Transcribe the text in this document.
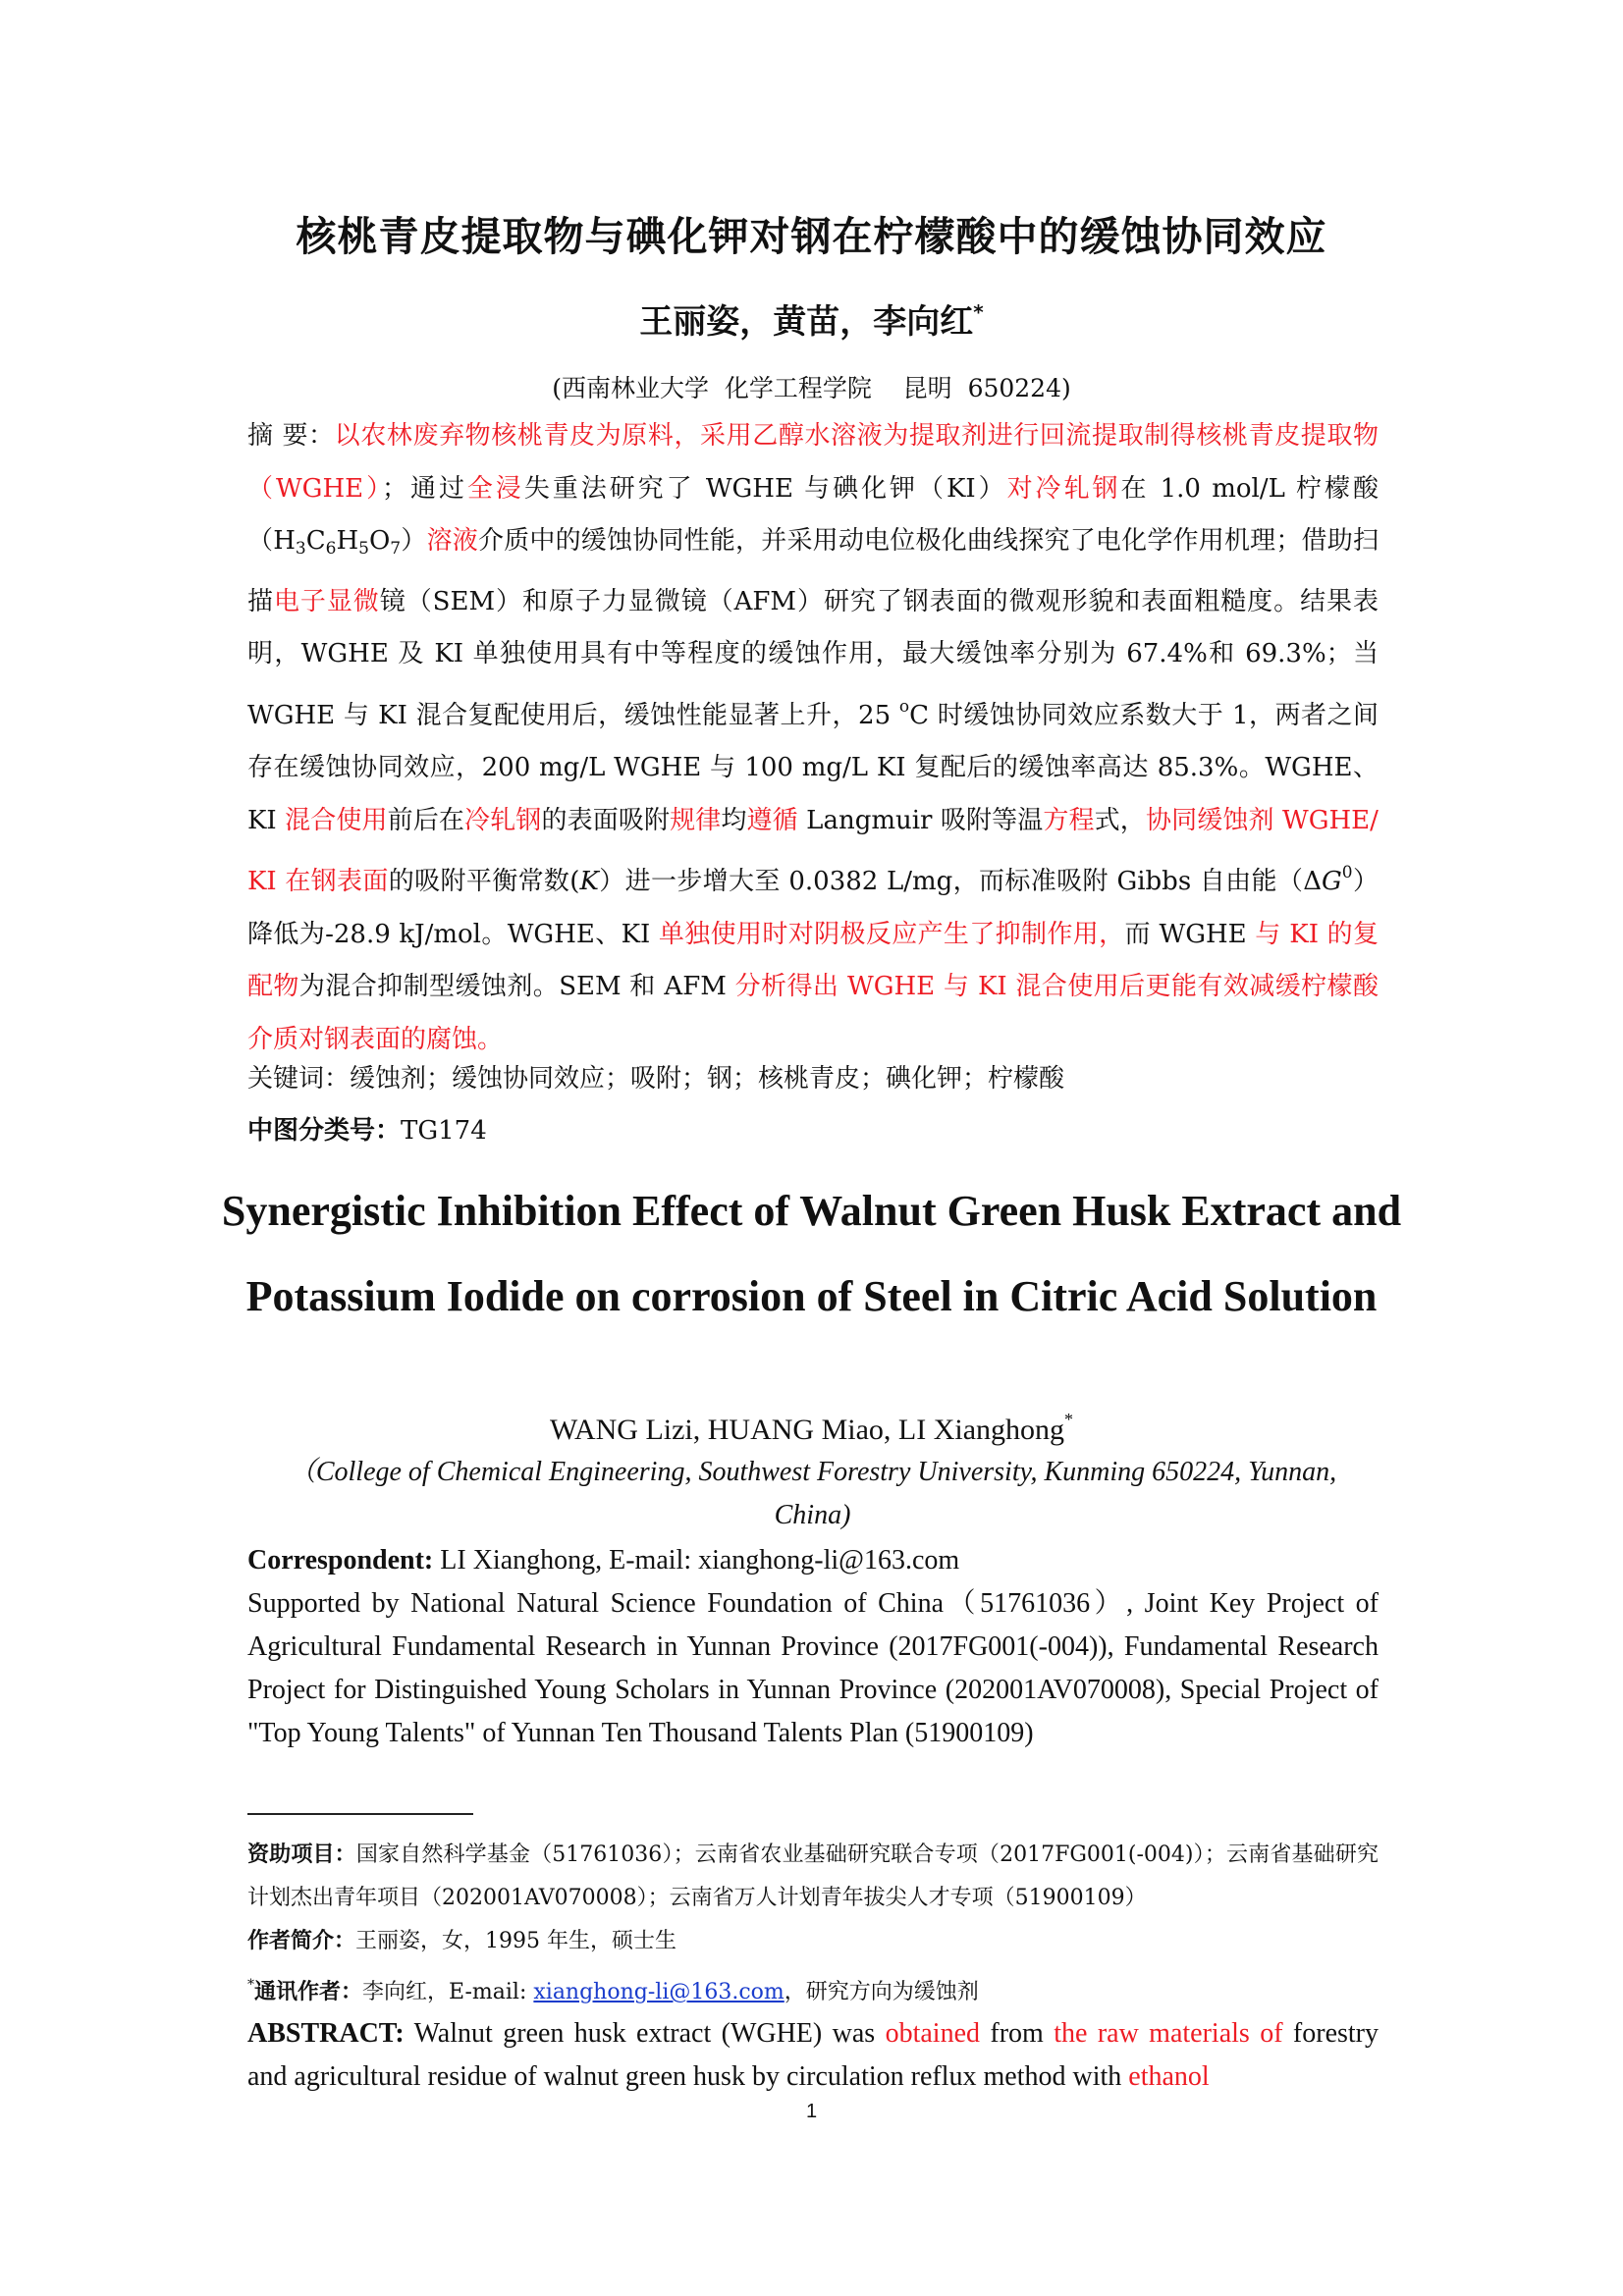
核桃青皮提取物与碘化钾对钢在柠檬酸中的缓蚀协同效应
王丽姿，黄苗，李向红*
(西南林业大学  化学工程学院    昆明  650224)
摘 要：以农林废弃物核桃青皮为原料，采用乙醇水溶液为提取剂进行回流提取制得核桃青皮提取物（WGHE）；通过全浸失重法研究了 WGHE 与碘化钾（KI）对冷轧钢在 1.0 mol/L 柠檬酸$(H_3C_6H_5O_7)$溶液介质中的缓蚀协同性能，并采用动电位极化曲线探究了电化学作用机理；借助扫描电子显微镜（SEM）和原子力显微镜（AFM）研究了钢表面的微观形貌和表面粗糙度。结果表明，WGHE 及 KI 单独使用具有中等程度的缓蚀作用，最大缓蚀率分别为 67.4%和 69.3%；当 WGHE 与 KI 混合复配使用后，缓蚀性能显著上升，25 $^o$C 时缓蚀协同效应系数大于 1，两者之间存在缓蚀协同效应，200 mg/L WGHE 与 100 mg/L KI 复配后的缓蚀率高达 85.3%。WGHE、KI 混合使用前后在冷轧钢的表面吸附规律均遵循 Langmuir 吸附等温方程式，协同缓蚀剂 WGHE/ KI 在钢表面的吸附平衡常数(K）进一步增大至 0.0382 L/mg，而标准吸附 Gibbs 自由能$(\Delta G^0)$降低为-28.9 kJ/mol。WGHE、KI 单独使用时对阴极反应产生了抑制作用，而 WGHE 与 KI 的复配物为混合抑制型缓蚀剂。SEM 和 AFM 分析得出 WGHE 与 KI 混合使用后更能有效减缓柠檬酸介质对钢表面的腐蚀。
关键词：缓蚀剂；缓蚀协同效应；吸附；钢；核桃青皮；碘化钾；柠檬酸
中图分类号：TG174
Synergistic Inhibition Effect of Walnut Green Husk Extract and Potassium Iodide on corrosion of Steel in Citric Acid Solution
WANG Lizi, HUANG Miao, LI Xianghong*
（College of Chemical Engineering, Southwest Forestry University, Kunming 650224, Yunnan, China)
Correspondent: LI Xianghong, E-mail: xianghong-li@163.com
Supported by National Natural Science Foundation of China（51761036）, Joint Key Project of Agricultural Fundamental Research in Yunnan Province (2017FG001(-004)), Fundamental Research Project for Distinguished Young Scholars in Yunnan Province (202001AV070008), Special Project of "Top Young Talents" of Yunnan Ten Thousand Talents Plan (51900109)
资助项目：国家自然科学基金（51761036）；云南省农业基础研究联合专项（2017FG001(-004)）；云南省基础研究计划杰出青年项目（202001AV070008）；云南省万人计划青年拔尖人才专项（51900109）
作者简介：王丽姿，女，1995 年生，硕士生
*通讯作者：李向红，E-mail: xianghong-li@163.com，研究方向为缓蚀剂
ABSTRACT: Walnut green husk extract (WGHE) was obtained from the raw materials of forestry and agricultural residue of walnut green husk by circulation reflux method with ethanol
1
